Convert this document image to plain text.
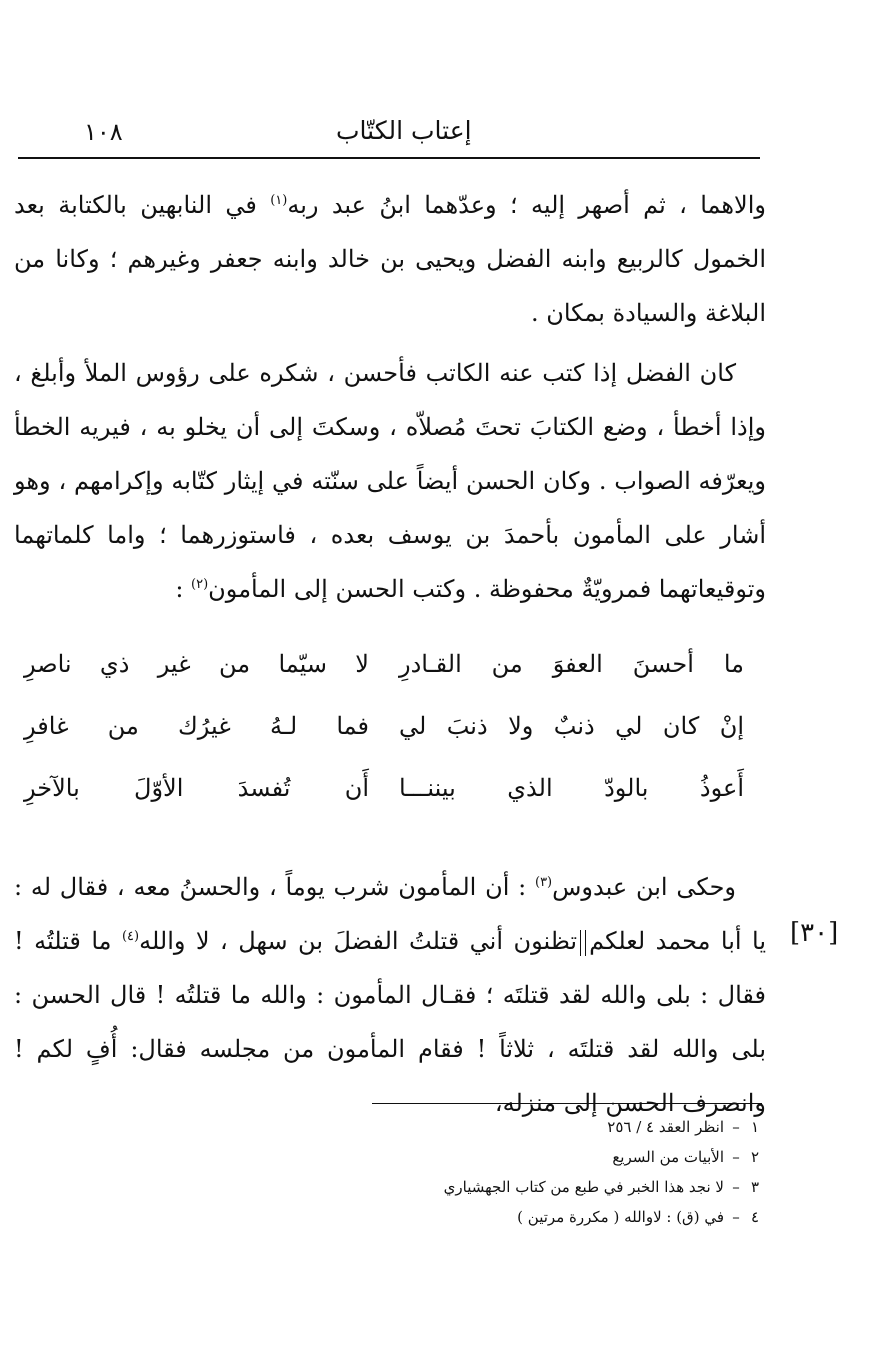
١٠٨	إعتاب الكتّاب

والاهما ، ثم أصهر إليه ؛ وعدّهما ابنُ عبد ربه$^{(١)}$ في النابهين بالكتابة بعد الخمول كالربيع وابنه الفضل ويحيى بن خالد وابنه جعفر وغيرهم ؛ وكانا من البلاغة والسيادة بمكان .

كان الفضل إذا كتب عنه الكاتب فأحسن ، شكره على رؤوس الملأ وأبلغ ، وإذا أخطأ ، وضع الكتابَ تحتَ مُصلاّه ، وسكتَ إلى أن يخلو به ، فيريه الخطأ ويعرّفه الصواب . وكان الحسن أيضاً على سنّته في إيثار كتّابه وإكرامهم ، وهو أشار على المأمون بأحمدَ بن يوسف بعده ، فاستوزرهما ؛ واما كلماتهما وتوقيعاتهما فمرويّةٌ محفوظة . وكتب الحسن إلى المأمون$^{(٢)}$ :

ما أحسنَ العفوَ من القـادرِ
لا سيّما من غير ذي ناصرِ
إنْ كان لي ذنبٌ ولا ذنبَ لي
فما لـهُ غيرُك من غافرِ
أَعوذُ بالودّ الذي بيننـــا
أَن تُفسدَ الأوّلَ بالآخرِ

وحكى ابن عبدوس$^{(٣)}$ : أن المأمون شرب يوماً ، والحسنُ معه ، فقال له : يا أبا محمد لعلكمتظنون أني قتلتُ الفضلَ بن سهل ، لا والله$^{(٤)}$ ما قتلتُه ! فقال : بلى والله لقد قتلتَه ؛ فقـال المأمون : والله ما قتلتُه ! قال الحسن : بلى والله لقد قتلتَه ، ثلاثاً ! فقام المأمون من مجلسه فقال: أُفٍ لكم ! وانصرف الحسن إلى منزله،

[٣٠]
١–انظر العقد ٤ / ٢٥٦
٢–الأبيات من السريع
٣–لا نجد هذا الخبر في طبع من كتاب الجهشياري
٤–في (ق) : لاوالله ( مكررة مرتين )
